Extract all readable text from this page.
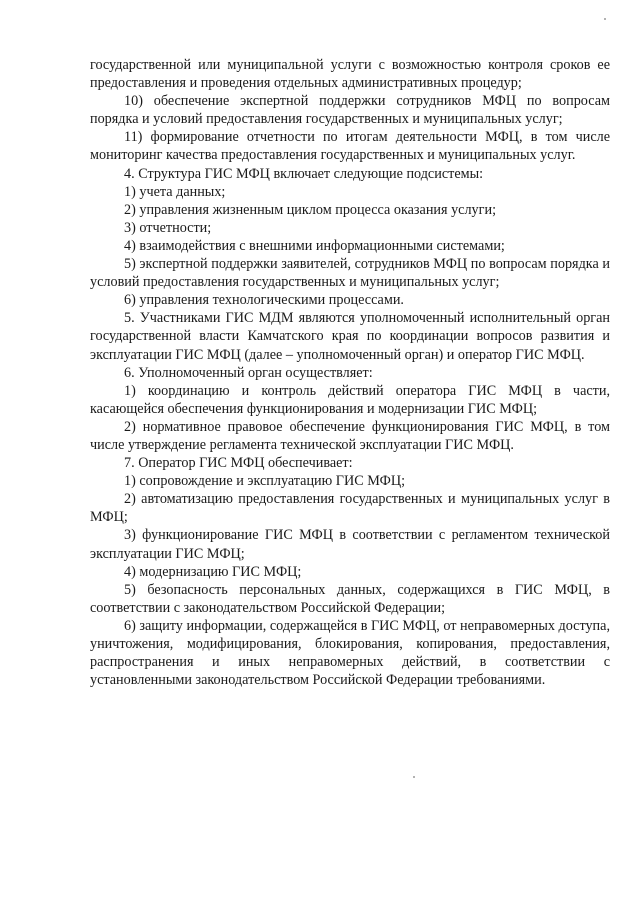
государственной или муниципальной услуги с возможностью контроля сроков ее предоставления и проведения отдельных административных процедур;

10) обеспечение экспертной поддержки сотрудников МФЦ по вопросам порядка и условий предоставления государственных и муниципальных услуг;

11) формирование отчетности по итогам деятельности МФЦ, в том числе мониторинг качества предоставления государственных и муниципальных услуг.

4. Структура ГИС МФЦ включает следующие подсистемы:

1) учета данных;

2) управления жизненным циклом процесса оказания услуги;

3) отчетности;

4) взаимодействия с внешними информационными системами;

5) экспертной поддержки заявителей, сотрудников МФЦ по вопросам порядка и условий предоставления государственных и муниципальных услуг;

6) управления технологическими процессами.

5. Участниками ГИС МДМ являются уполномоченный исполнительный орган государственной власти Камчатского края по координации вопросов развития и эксплуатации ГИС МФЦ (далее – уполномоченный орган) и оператор ГИС МФЦ.

6. Уполномоченный орган осуществляет:

1) координацию и контроль действий оператора ГИС МФЦ в части, касающейся обеспечения функционирования и модернизации ГИС МФЦ;

2) нормативное правовое обеспечение функционирования ГИС МФЦ, в том числе утверждение регламента технической эксплуатации ГИС МФЦ.

7. Оператор ГИС МФЦ обеспечивает:

1) сопровождение и эксплуатацию ГИС МФЦ;

2) автоматизацию предоставления государственных и муниципальных услуг в МФЦ;

3) функционирование ГИС МФЦ в соответствии с регламентом технической эксплуатации ГИС МФЦ;

4) модернизацию ГИС МФЦ;

5) безопасность персональных данных, содержащихся в ГИС МФЦ, в соответствии с законодательством Российской Федерации;

6) защиту информации, содержащейся в ГИС МФЦ, от неправомерных доступа, уничтожения, модифицирования, блокирования, копирования, предоставления, распространения и иных неправомерных действий, в соответствии с установленными законодательством Российской Федерации требованиями.
